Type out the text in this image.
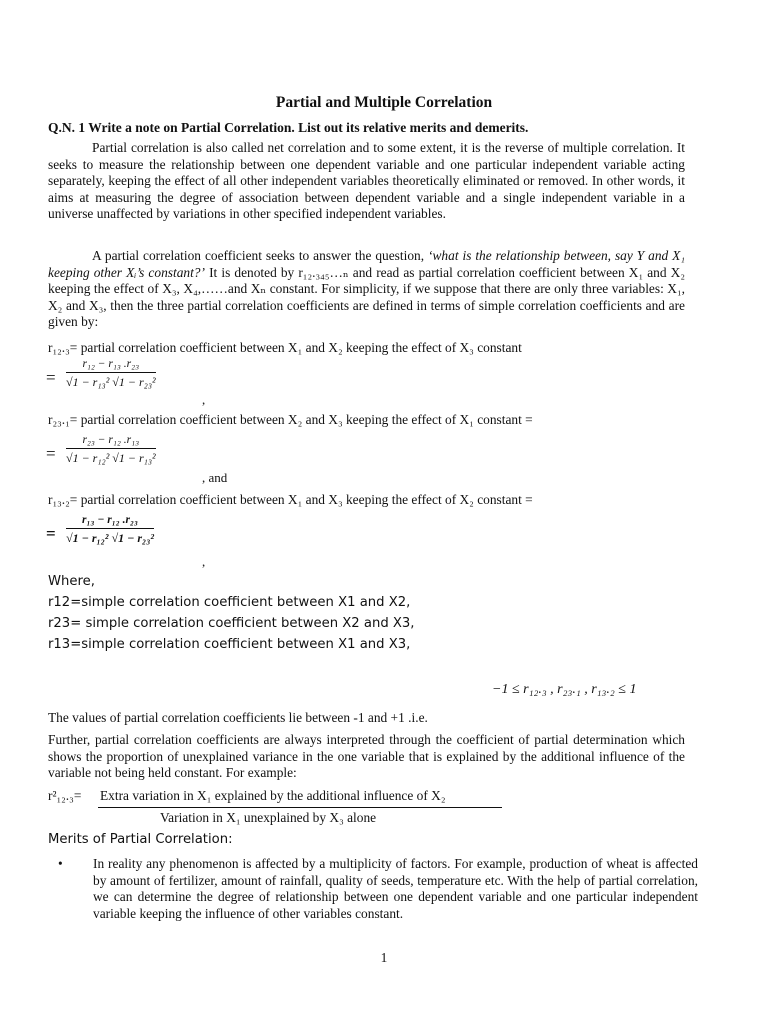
Partial and Multiple Correlation
Q.N. 1 Write a note on Partial Correlation. List out its relative merits and demerits.
Partial correlation is also called net correlation and to some extent, it is the reverse of multiple correlation. It seeks to measure the relationship between one dependent variable and one particular independent variable acting separately, keeping the effect of all other independent variables theoretically eliminated or removed. In other words, it aims at measuring the degree of association between dependent variable and a single independent variable in a universe unaffected by variations in other specified independent variables.
A partial correlation coefficient seeks to answer the question, ‘what is the relationship between, say Y and X₁ keeping other Xᵢ’s constant?’ It is denoted by r₁₂.₃₄₅…ₙ and read as partial correlation coefficient between X₁ and X₂ keeping the effect of X₃, X₄,……and Xₙ constant. For simplicity, if we suppose that there are only three variables: X₁, X₂ and X₃, then the three partial correlation coefficients are defined in terms of simple correlation coefficients and are given by:
r₁₂.₃= partial correlation coefficient between X₁ and X₂ keeping the effect of X₃ constant
=
r₁₂ − r₁₃ .r₂₃
√1 − r₁₃² √1 − r₂₃²
,
r₂₃.₁= partial correlation coefficient between X₂ and X₃ keeping the effect of X₁ constant =
=
r₂₃ − r₁₂ .r₁₃
√1 − r₁₂² √1 − r₁₃²
, and
r₁₃.₂= partial correlation coefficient between X₁ and X₃ keeping the effect of X₂ constant =
=
r₁₃ − r₁₂ .r₂₃
√1 − r₁₂² √1 − r₂₃²
,
Where,
r12=simple correlation coefficient between X1 and X2,
r23= simple correlation coefficient between X2 and X3,
r13=simple correlation coefficient between X1 and X3,
−1 ≤ r₁₂.₃ , r₂₃.₁ , r₁₃.₂ ≤ 1
The values of partial correlation coefficients lie between -1 and +1 .i.e.
Further, partial correlation coefficients are always interpreted through the coefficient of partial determination which shows the proportion of unexplained variance in the one variable that is explained by the additional influence of the variable not being held constant. For example:
r²₁₂.₃= Extra variation in X₁ explained by the additional influence of X₂
Variation in X₁ unexplained by X₃ alone
Merits of Partial Correlation:
•	In reality any phenomenon is affected by a multiplicity of factors. For example, production of wheat is affected by amount of fertilizer, amount of rainfall, quality of seeds, temperature etc. With the help of partial correlation, we can determine the degree of relationship between one dependent variable and one particular independent variable keeping the influence of other variables constant.
1
